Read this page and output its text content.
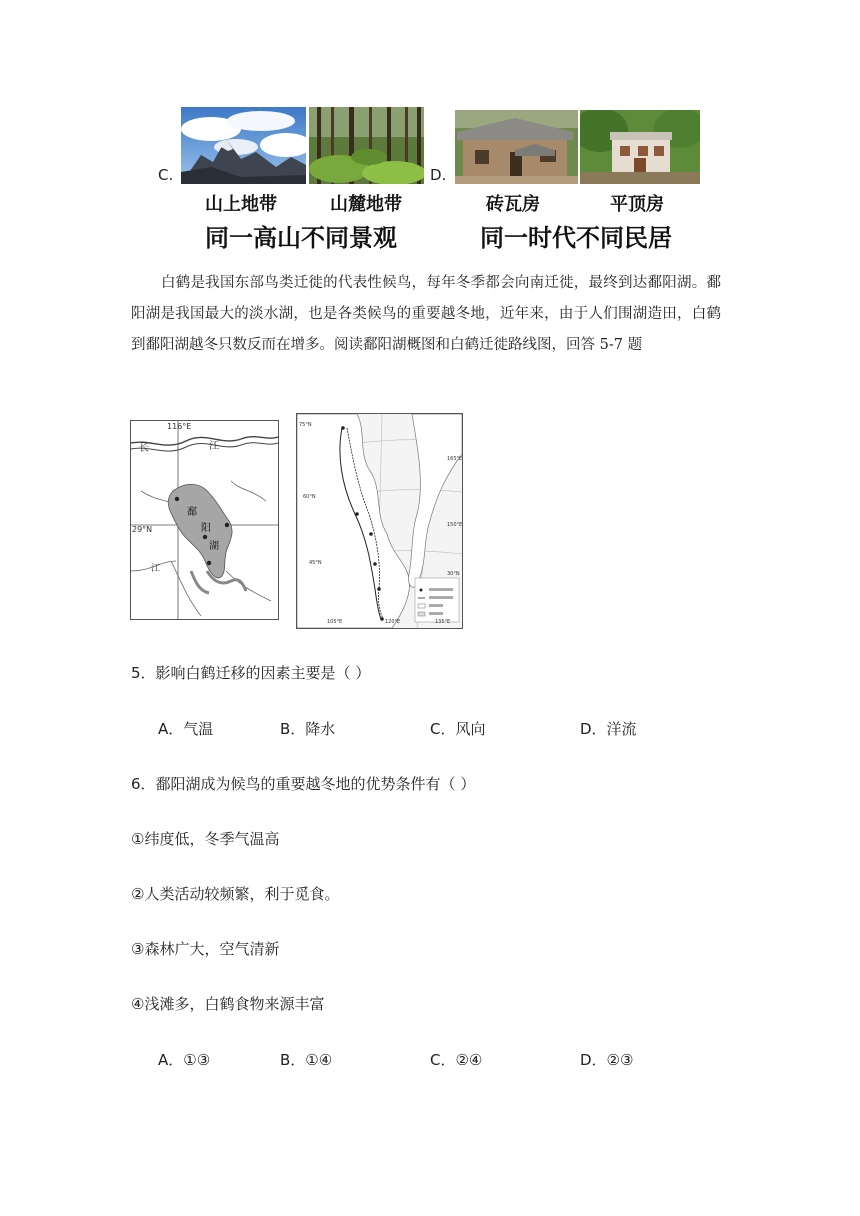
C.
山上地带	山麓地带
同一高山不同景观
D.
砖瓦房	平顶房
同一时代不同民居
白鹤是我国东部鸟类迁徙的代表性候鸟，每年冬季都会向南迁徙，最终到达鄱阳湖。鄱阳湖是我国最大的淡水湖，也是各类候鸟的重要越冬地，近年来，由于人们围湖造田，白鹤到鄱阳湖越冬只数反而在增多。阅读鄱阳湖概图和白鹤迁徙路线图，回答 5-7 题
116°E
29°N
长	江
鄱
阳
湖
江
75°N
60°N
45°N
30°N
105°E	120°E	135°E
165°E
150°E
5．影响白鹤迁移的因素主要是（ ）
A．气温	B．降水	C．风向	D．洋流
6．鄱阳湖成为候鸟的重要越冬地的优势条件有（ ）
①纬度低，冬季气温高
②人类活动较频繁，利于觅食。
③森林广大，空气清新
④浅滩多，白鹤食物来源丰富
A．①③	B．①④	C．②④	D．②③
